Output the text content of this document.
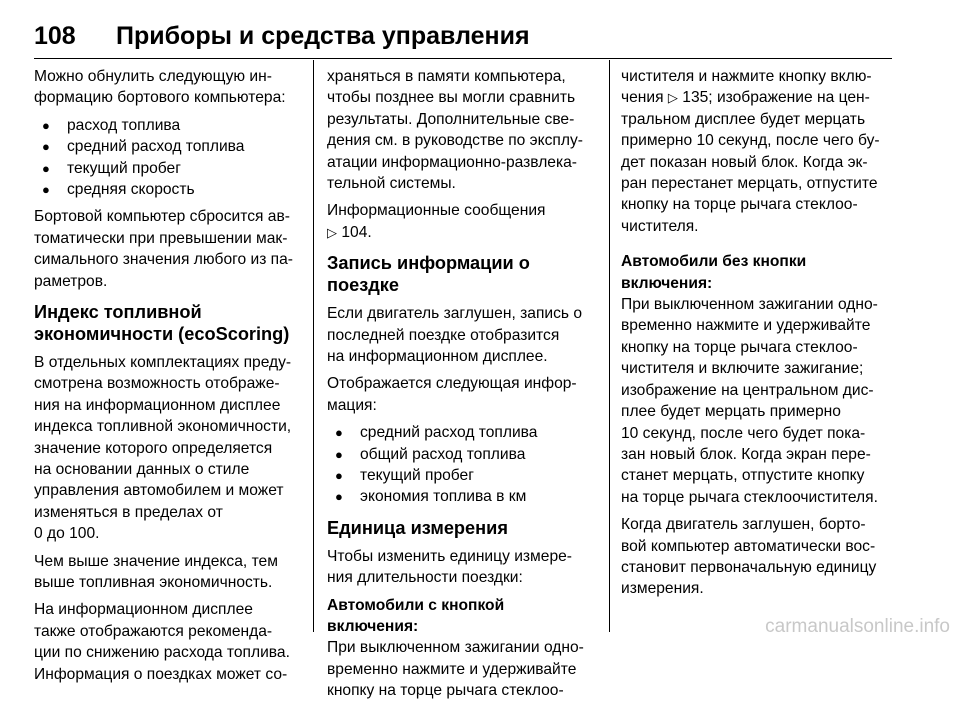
108	Приборы и средства управления

Можно обнулить следующую ин-
формацию бортового компьютера:

● расход топлива
● средний расход топлива
● текущий пробег
● средняя скорость

Бортовой компьютер сбросится ав-
томатически при превышении мак-
симального значения любого из па-
раметров.

Индекс топливной
экономичности (ecoScoring)

В отдельных комплектациях преду-
смотрена возможность отображе-
ния на информационном дисплее
индекса топливной экономичности,
значение которого определяется
на основании данных о стиле
управления автомобилем и может
изменяться в пределах от
0 до 100.

Чем выше значение индекса, тем
выше топливная экономичность.

На информационном дисплее
также отображаются рекоменда-
ции по снижению расхода топлива.
Информация о поездках может со-

храняться в памяти компьютера,
чтобы позднее вы могли сравнить
результаты. Дополнительные све-
дения см. в руководстве по эксплу-
атации информационно-развлека-
тельной системы.

Информационные сообщения
▷ 104.

Запись информации о поездке

Если двигатель заглушен, запись о
последней поездке отобразится
на информационном дисплее.

Отображается следующая инфор-
мация:

● средний расход топлива
● общий расход топлива
● текущий пробег
● экономия топлива в км
Единица измерения

Чтобы изменить единицу измере-
ния длительности поездки:

Автомобили с кнопкой включения:
При выключенном зажигании одно-
временно нажмите и удерживайте
кнопку на торце рычага стеклоо-

чистителя и нажмите кнопку вклю-
чения ▷ 135; изображение на цен-
тральном дисплее будет мерцать
примерно 10 секунд, после чего бу-
дет показан новый блок. Когда эк-
ран перестанет мерцать, отпустите
кнопку на торце рычага стеклоо-
чистителя.

Автомобили без кнопки включения:
При выключенном зажигании одно-
временно нажмите и удерживайте
кнопку на торце рычага стеклоо-
чистителя и включите зажигание;
изображение на центральном дис-
плее будет мерцать примерно
10 секунд, после чего будет пока-
зан новый блок. Когда экран пере-
станет мерцать, отпустите кнопку
на торце рычага стеклоочистителя.

Когда двигатель заглушен, борто-
вой компьютер автоматически вос-
становит первоначальную единицу
измерения.

carmanualsonline.info
